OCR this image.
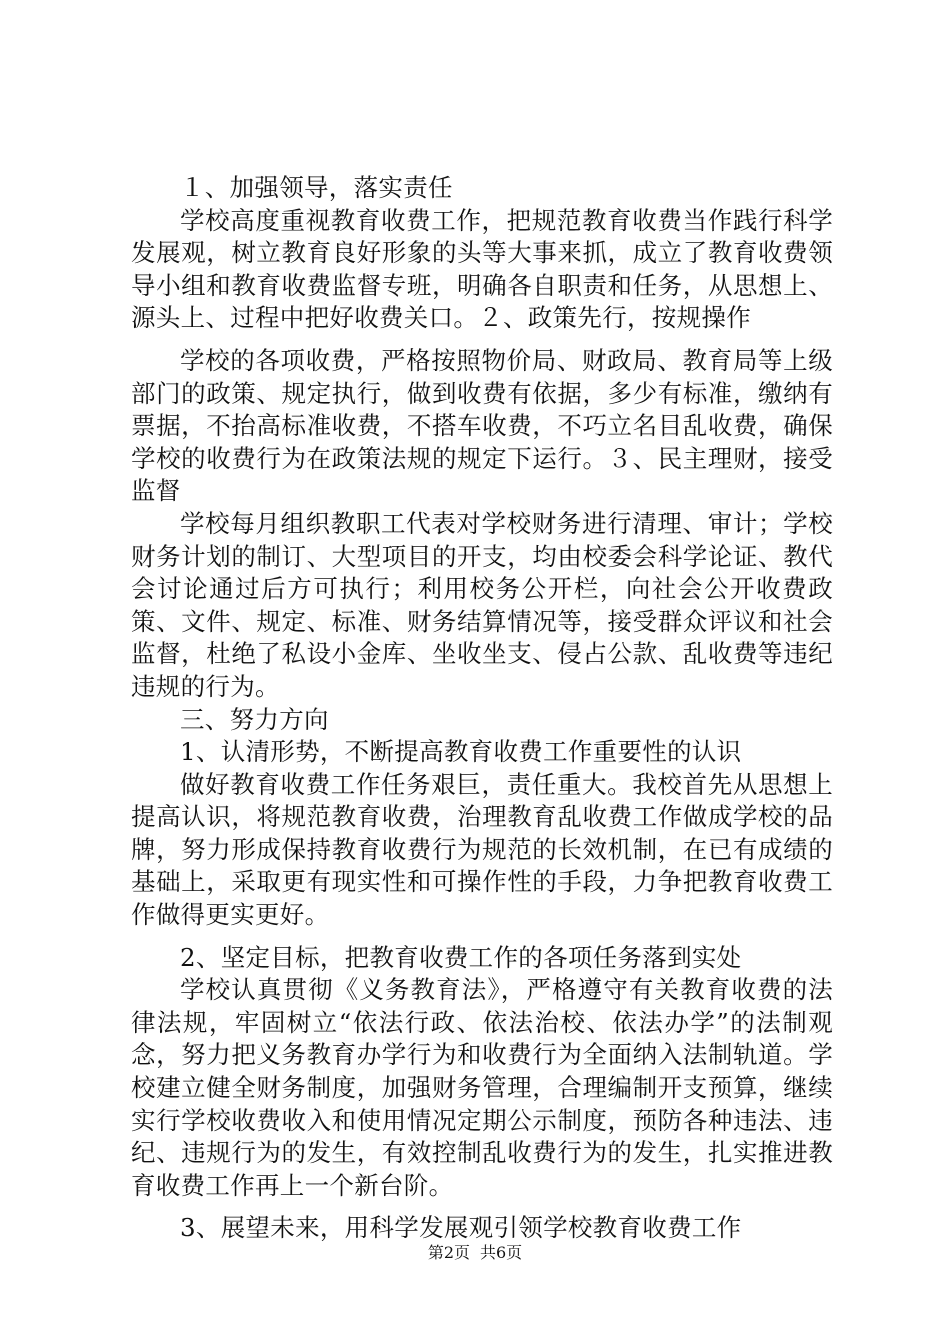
１、加强领导，落实责任

学校高度重视教育收费工作，把规范教育收费当作践行科学发展观，树立教育良好形象的头等大事来抓，成立了教育收费领导小组和教育收费监督专班，明确各自职责和任务，从思想上、源头上、过程中把好收费关口。２、政策先行，按规操作

学校的各项收费，严格按照物价局、财政局、教育局等上级部门的政策、规定执行，做到收费有依据，多少有标准，缴纳有票据，不抬高标准收费，不搭车收费，不巧立名目乱收费，确保学校的收费行为在政策法规的规定下运行。３、民主理财，接受监督

学校每月组织教职工代表对学校财务进行清理、审计；学校财务计划的制订、大型项目的开支，均由校委会科学论证、教代会讨论通过后方可执行；利用校务公开栏，向社会公开收费政策、文件、规定、标准、财务结算情况等，接受群众评议和社会监督，杜绝了私设小金库、坐收坐支、侵占公款、乱收费等违纪违规的行为。

三、努力方向

1、认清形势，不断提高教育收费工作重要性的认识

做好教育收费工作任务艰巨，责任重大。我校首先从思想上提高认识，将规范教育收费，治理教育乱收费工作做成学校的品牌，努力形成保持教育收费行为规范的长效机制，在已有成绩的基础上，采取更有现实性和可操作性的手段，力争把教育收费工作做得更实更好。

2、坚定目标，把教育收费工作的各项任务落到实处

学校认真贯彻《义务教育法》，严格遵守有关教育收费的法律法规，牢固树立“依法行政、依法治校、依法办学”的法制观念，努力把义务教育办学行为和收费行为全面纳入法制轨道。学校建立健全财务制度，加强财务管理，合理编制开支预算，继续实行学校收费收入和使用情况定期公示制度，预防各种违法、违纪、违规行为的发生，有效控制乱收费行为的发生，扎实推进教育收费工作再上一个新台阶。

3、展望未来，用科学发展观引领学校教育收费工作

第2页 共6页
